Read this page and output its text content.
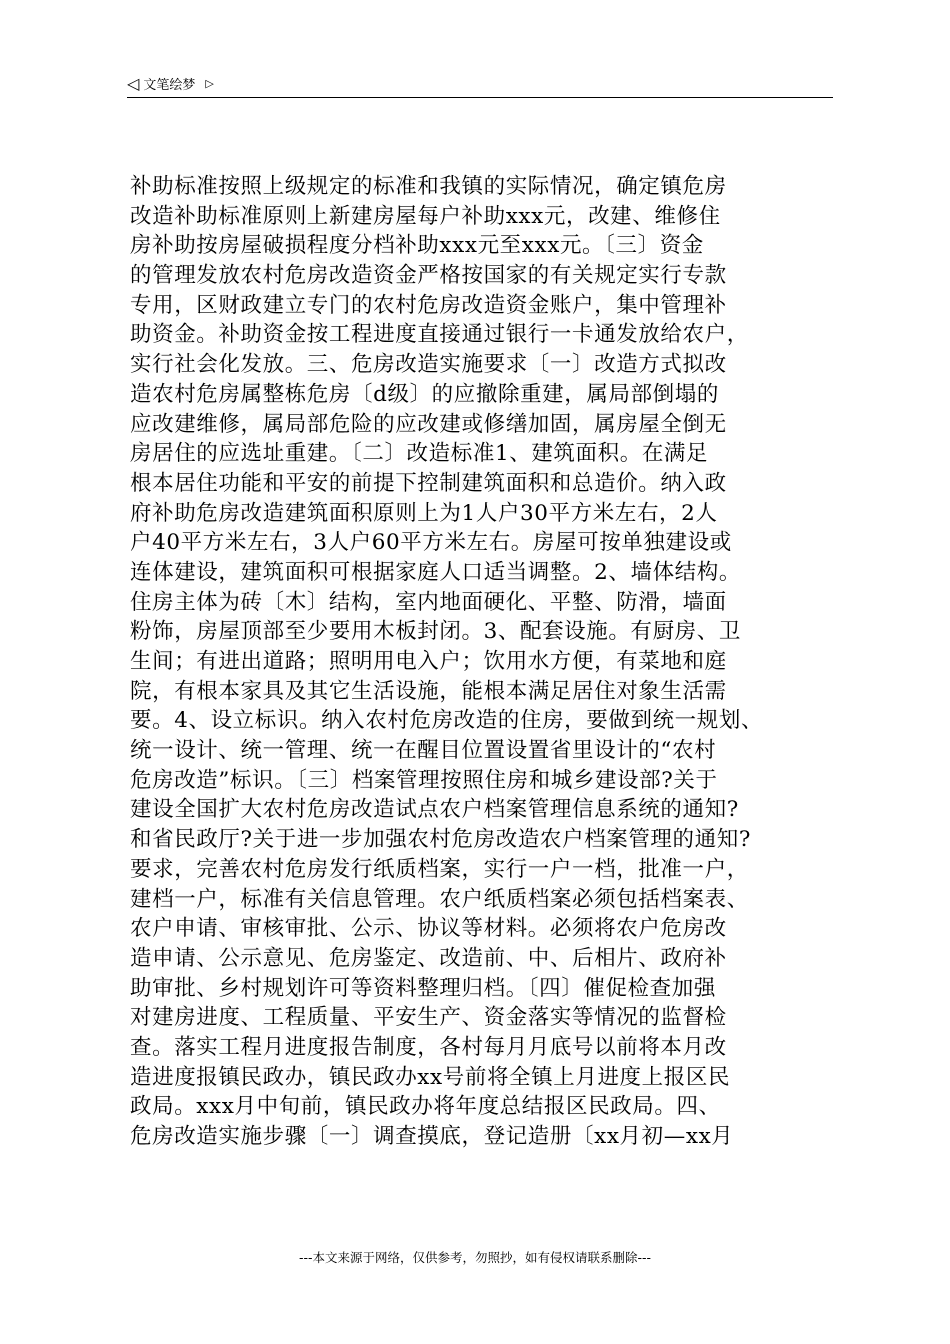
◁ 文笔绘梦 ▷
补助标准按照上级规定的标准和我镇的实际情况，确定镇危房
改造补助标准原则上新建房屋每户补助xxx元，改建、维修住
房补助按房屋破损程度分档补助xxx元至xxx元。〔三〕资金
的管理发放农村危房改造资金严格按国家的有关规定实行专款
专用，区财政建立专门的农村危房改造资金账户，集中管理补
助资金。补助资金按工程进度直接通过银行一卡通发放给农户，
实行社会化发放。三、危房改造实施要求〔一〕改造方式拟改
造农村危房属整栋危房〔d级〕的应撤除重建，属局部倒塌的
应改建维修，属局部危险的应改建或修缮加固，属房屋全倒无
房居住的应选址重建。〔二〕改造标准1、建筑面积。在满足
根本居住功能和平安的前提下控制建筑面积和总造价。纳入政
府补助危房改造建筑面积原则上为1人户30平方米左右，2人
户40平方米左右，3人户60平方米左右。房屋可按单独建设或
连体建设，建筑面积可根据家庭人口适当调整。2、墙体结构。
住房主体为砖〔木〕结构，室内地面硬化、平整、防滑，墙面
粉饰，房屋顶部至少要用木板封闭。3、配套设施。有厨房、卫
生间；有进出道路；照明用电入户；饮用水方便，有菜地和庭
院，有根本家具及其它生活设施，能根本满足居住对象生活需
要。4、设立标识。纳入农村危房改造的住房，要做到统一规划、
统一设计、统一管理、统一在醒目位置设置省里设计的“农村
危房改造”标识。〔三〕档案管理按照住房和城乡建设部?关于
建设全国扩大农村危房改造试点农户档案管理信息系统的通知?
和省民政厅?关于进一步加强农村危房改造农户档案管理的通知?
要求，完善农村危房发行纸质档案，实行一户一档，批准一户，
建档一户，标准有关信息管理。农户纸质档案必须包括档案表、
农户申请、审核审批、公示、协议等材料。必须将农户危房改
造申请、公示意见、危房鉴定、改造前、中、后相片、政府补
助审批、乡村规划许可等资料整理归档。〔四〕催促检查加强
对建房进度、工程质量、平安生产、资金落实等情况的监督检
查。落实工程月进度报告制度，各村每月月底号以前将本月改
造进度报镇民政办，镇民政办xx号前将全镇上月进度上报区民
政局。xxx月中旬前，镇民政办将年度总结报区民政局。四、
危房改造实施步骤〔一〕调查摸底，登记造册〔xx月初—xx月
---本文来源于网络，仅供参考，勿照抄，如有侵权请联系删除---
